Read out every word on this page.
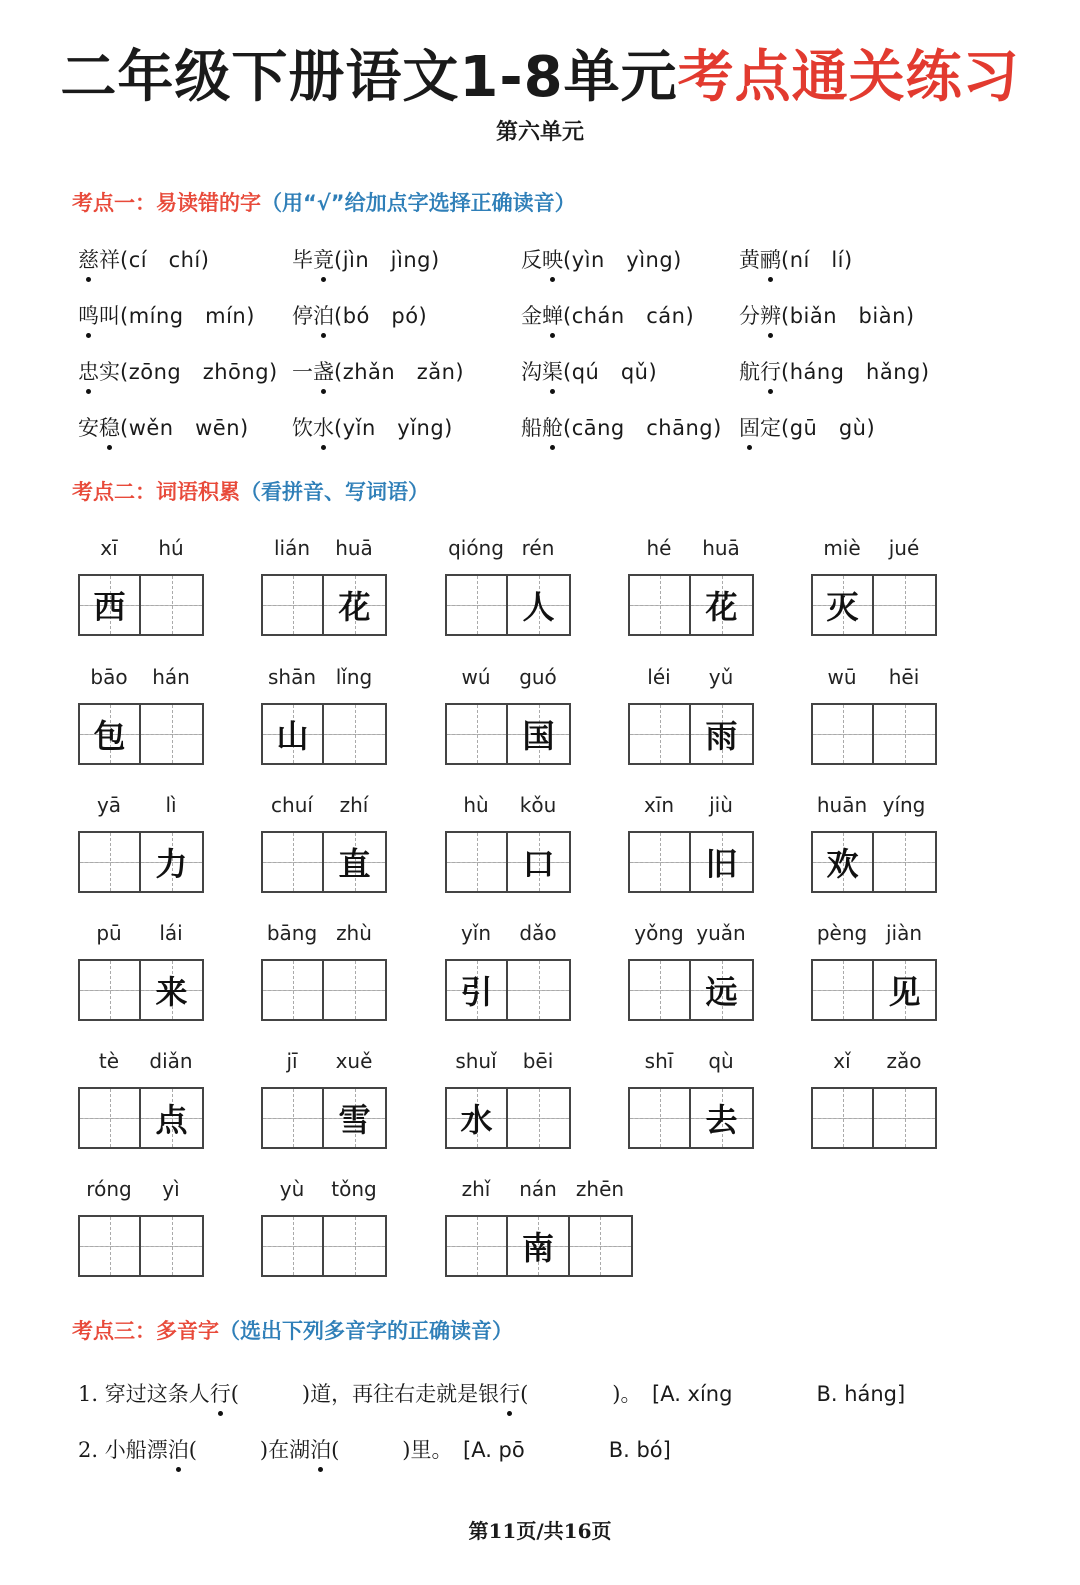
二年级下册语文1-8单元考点通关练习
第六单元
考点一：易读错的字（用“√”给加点字选择正确读音）
慈祥(cí　chí)	毕竟(jìn　jìng)	反映(yìn　yìng)	黄鹂(ní　lí)
鸣叫(míng　mín) 停泊(bó　pó)	金蝉(chán　cán) 分辨(biǎn　biàn)
忠实(zōng　zhōng) 一盏(zhǎn　zǎn)	沟渠(qú　qǔ)	航行(háng　hǎng)
安稳(wěn　wēn) 饮水(yǐn　yǐng)	船舱(cāng　chāng) 固定(gū　gù)
考点二：词语积累（看拼音、写词语）
xī	hú
西
lián	huā
花
qióng rén
人
hé	huā
花
miè	jué
灭
bāo	hán
包
shān lǐng
山
wú	guó
国
léi	yǔ
雨
wū	hēi
yā	lì
力
chuí	zhí
直
hù	kǒu
口
xīn	jiù
旧
huān yíng
欢
pū	lái
来
bāng zhù	yǐn	dǎo
引
yǒng yuǎn
远
pèng jiàn
见
tè	diǎn
点
jī	xuě
雪
shuǐ	bēi
水
shī	qù
去
xǐ	zǎo
róng	yì	yù	tǒng	zhǐ	nán zhēn
南
考点三：多音字（选出下列多音字的正确读音）
1. 穿过这条人行(　　　)道，再往右走就是银行(　　　　)。　[A. xíng　　　　B. háng]
2. 小船漂泊(　　　)在湖泊(　　　)里。　[A. pō　　　　B. bó]
第11页/共16页
